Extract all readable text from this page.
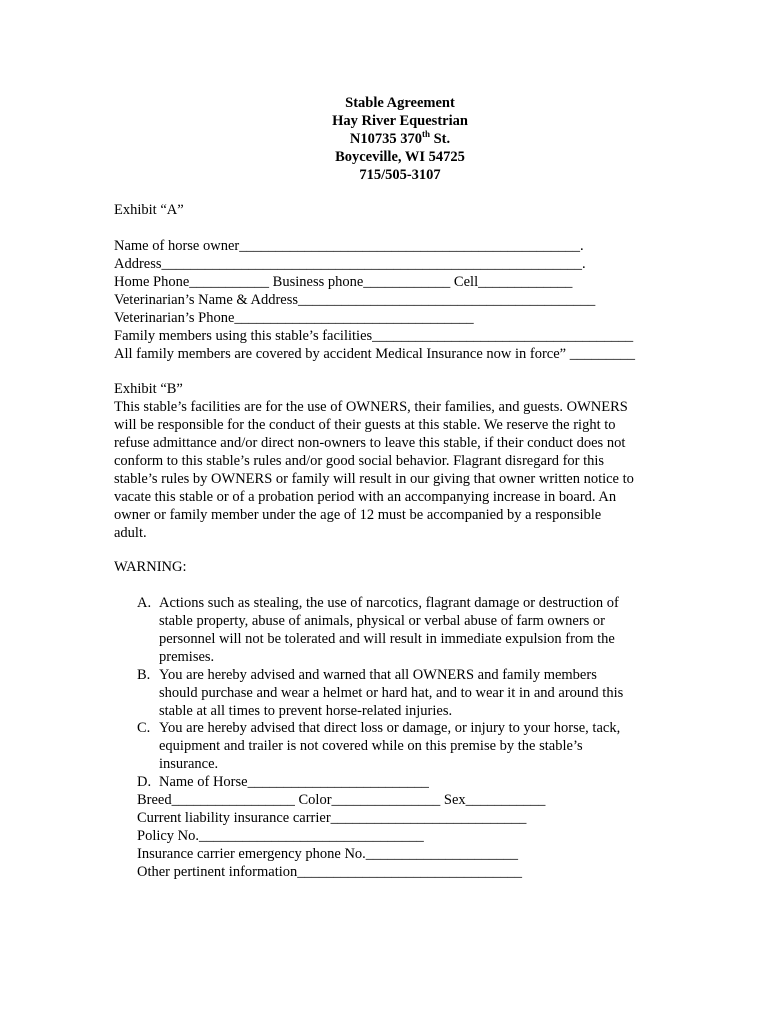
Stable Agreement
Hay River Equestrian
N10735 370th St.
Boyceville, WI 54725
715/505-3107
Exhibit “A”
Name of horse owner_______________________________________________.
Address__________________________________________________________.
Home Phone___________ Business phone____________ Cell_____________
Veterinarian’s Name & Address_________________________________________
Veterinarian’s Phone_________________________________
Family members using this stable’s facilities____________________________________
All family members are covered by accident Medical Insurance now in force” _________
Exhibit “B”
This stable’s facilities are for the use of OWNERS, their families, and guests. OWNERS
will be responsible for the conduct of their guests at this stable. We reserve the right to
refuse admittance and/or direct non-owners to leave this stable, if their conduct does not
conform to this stable’s rules and/or good social behavior. Flagrant disregard for this
stable’s rules by OWNERS or family will result in our giving that owner written notice to
vacate this stable or of a probation period with an accompanying increase in board. An
owner or family member under the age of 12 must be accompanied by a responsible
adult.
WARNING:
A. Actions such as stealing, the use of narcotics, flagrant damage or destruction of
stable property, abuse of animals, physical or verbal abuse of farm owners or
personnel will not be tolerated and will result in immediate expulsion from the
premises.
B. You are hereby advised and warned that all OWNERS and family members
should purchase and wear a helmet or hard hat, and to wear it in and around this
stable at all times to prevent horse-related injuries.
C. You are hereby advised that direct loss or damage, or injury to your horse, tack,
equipment and trailer is not covered while on this premise by the stable’s
insurance.
D. Name of Horse_________________________
Breed_________________ Color_______________ Sex___________
Current liability insurance carrier___________________________
Policy No._______________________________
Insurance carrier emergency phone No._____________________
Other pertinent information_______________________________
